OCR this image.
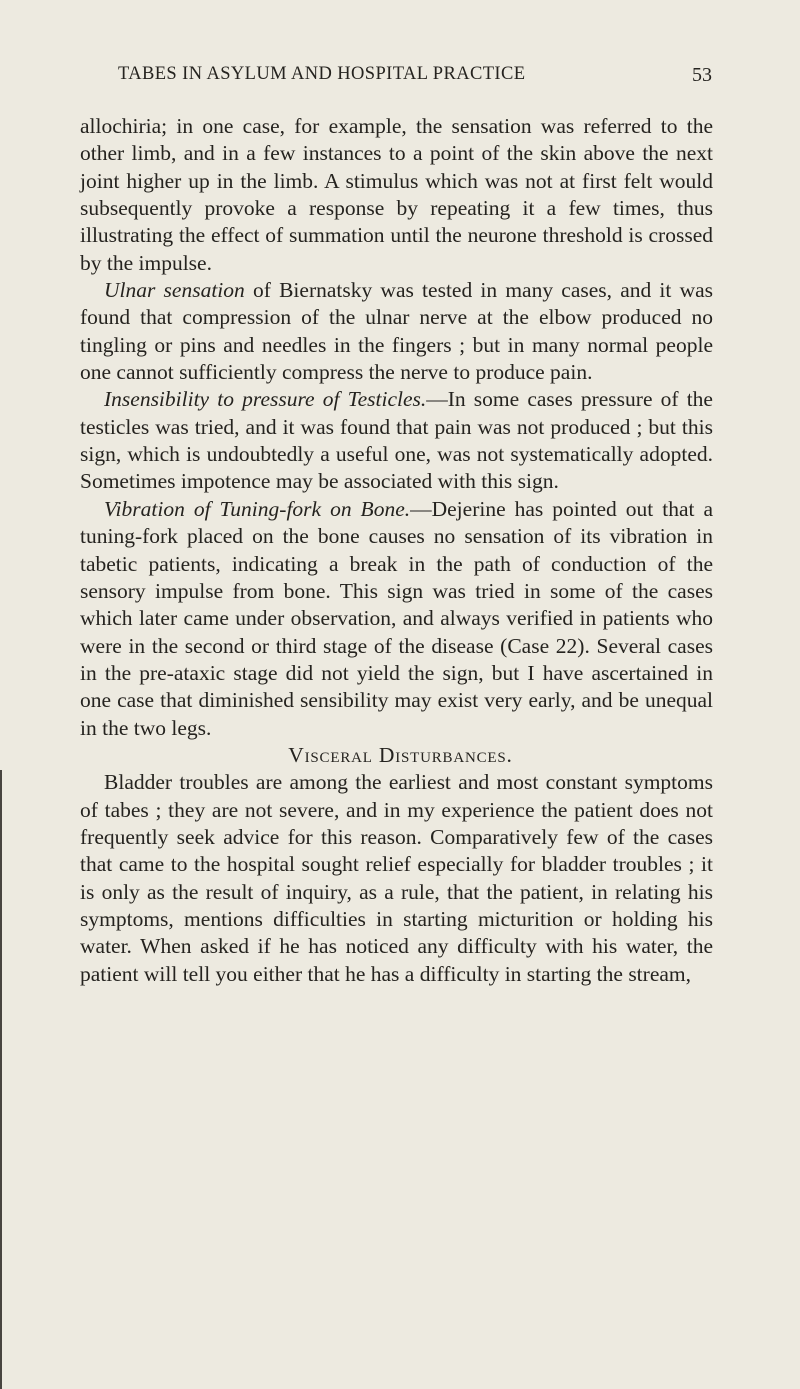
TABES IN ASYLUM AND HOSPITAL PRACTICE	53

allochiria; in one case, for example, the sensation was referred to the other limb, and in a few instances to a point of the skin above the next joint higher up in the limb. A stimulus which was not at first felt would subsequently provoke a response by repeating it a few times, thus illustrating the effect of summation until the neurone threshold is crossed by the impulse.

Ulnar sensation of Biernatsky was tested in many cases, and it was found that compression of the ulnar nerve at the elbow produced no tingling or pins and needles in the fingers ; but in many normal people one cannot sufficiently compress the nerve to produce pain.

Insensibility to pressure of Testicles.—In some cases pressure of the testicles was tried, and it was found that pain was not produced ; but this sign, which is undoubtedly a useful one, was not systematically adopted. Sometimes impotence may be associated with this sign.

Vibration of Tuning-fork on Bone.—Dejerine has pointed out that a tuning-fork placed on the bone causes no sensation of its vibration in tabetic patients, indicating a break in the path of conduction of the sensory impulse from bone. This sign was tried in some of the cases which later came under observation, and always verified in patients who were in the second or third stage of the disease (Case 22). Several cases in the pre-ataxic stage did not yield the sign, but I have ascertained in one case that diminished sensibility may exist very early, and be unequal in the two legs.

Visceral Disturbances.

Bladder troubles are among the earliest and most constant symptoms of tabes ; they are not severe, and in my experience the patient does not frequently seek advice for this reason. Comparatively few of the cases that came to the hospital sought relief especially for bladder troubles ; it is only as the result of inquiry, as a rule, that the patient, in relating his symptoms, mentions difficulties in starting micturition or holding his water. When asked if he has noticed any difficulty with his water, the patient will tell you either that he has a difficulty in starting the stream,
